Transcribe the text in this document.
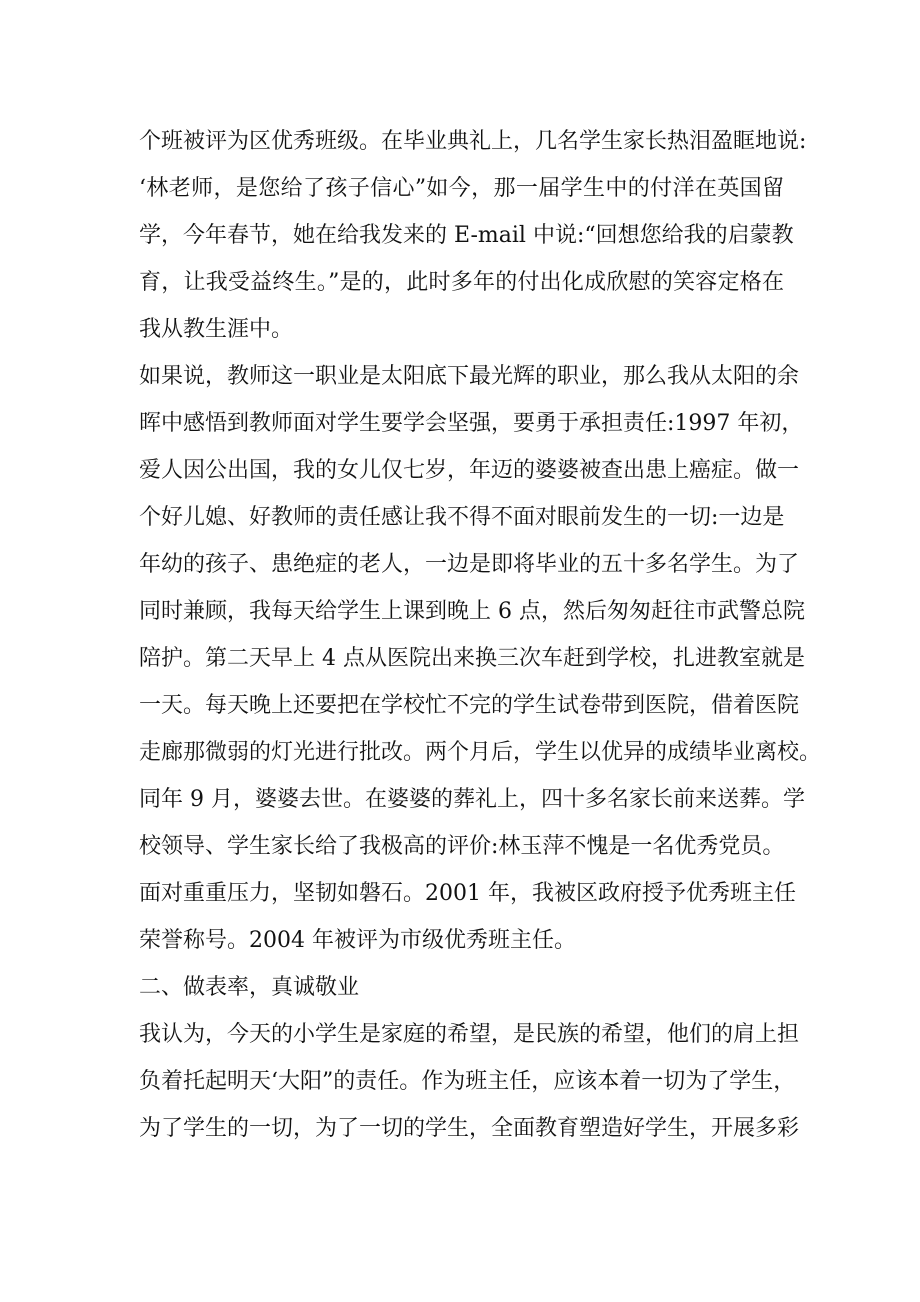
个班被评为区优秀班级。在毕业典礼上，几名学生家长热泪盈眶地说:
‘林老师，是您给了孩子信心”如今，那一届学生中的付洋在英国留
学，今年春节，她在给我发来的 E-mail 中说:“回想您给我的启蒙教
育，让我受益终生。”是的，此时多年的付出化成欣慰的笑容定格在
我从教生涯中。
如果说，教师这一职业是太阳底下最光辉的职业，那么我从太阳的余
晖中感悟到教师面对学生要学会坚强，要勇于承担责任:1997 年初，
爱人因公出国，我的女儿仅七岁，年迈的婆婆被查出患上癌症。做一
个好儿媳、好教师的责任感让我不得不面对眼前发生的一切:一边是
年幼的孩子、患绝症的老人，一边是即将毕业的五十多名学生。为了
同时兼顾，我每天给学生上课到晚上 6 点，然后匆匆赶往市武警总院
陪护。第二天早上 4 点从医院出来换三次车赶到学校，扎进教室就是
一天。每天晚上还要把在学校忙不完的学生试卷带到医院，借着医院
走廊那微弱的灯光进行批改。两个月后，学生以优异的成绩毕业离校。
同年 9 月，婆婆去世。在婆婆的葬礼上，四十多名家长前来送葬。学
校领导、学生家长给了我极高的评价:林玉萍不愧是一名优秀党员。
面对重重压力，坚韧如磐石。2001 年，我被区政府授予优秀班主任
荣誉称号。2004 年被评为市级优秀班主任。
二、做表率，真诚敬业
我认为，今天的小学生是家庭的希望，是民族的希望，他们的肩上担
负着托起明天‘大阳”的责任。作为班主任，应该本着一切为了学生，
为了学生的一切，为了一切的学生，全面教育塑造好学生，开展多彩
